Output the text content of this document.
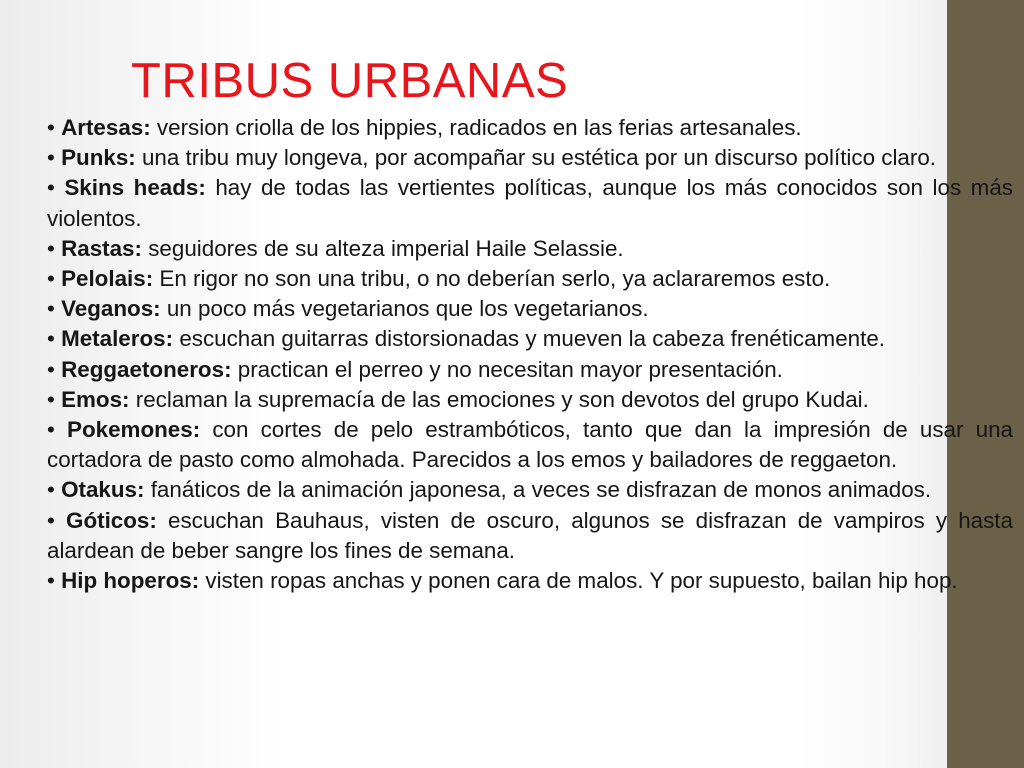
TRIBUS URBANAS
• Artesas: version criolla de los hippies, radicados en las ferias artesanales.
• Punks: una tribu muy longeva, por acompañar su estética por un discurso político claro.
• Skins heads: hay de todas las vertientes políticas, aunque los más conocidos son los más violentos.
• Rastas: seguidores de su alteza imperial Haile Selassie.
• Pelolais: En rigor no son una tribu, o no deberían serlo, ya aclararemos esto.
• Veganos: un poco más vegetarianos que los vegetarianos.
• Metaleros: escuchan guitarras distorsionadas y mueven la cabeza frenéticamente.
• Reggaetoneros: practican el perreo y no necesitan mayor presentación.
• Emos: reclaman la supremacía de las emociones y son devotos del grupo Kudai.
• Pokemones: con cortes de pelo estrambóticos, tanto que dan la impresión de usar una cortadora de pasto como almohada. Parecidos a los emos y bailadores de reggaeton.
• Otakus: fanáticos de la animación japonesa, a veces se disfrazan de monos animados.
• Góticos: escuchan Bauhaus, visten de oscuro, algunos se disfrazan de vampiros y hasta alardean de beber sangre los fines de semana.
• Hip hoperos: visten ropas anchas y ponen cara de malos. Y por supuesto, bailan hip hop.
